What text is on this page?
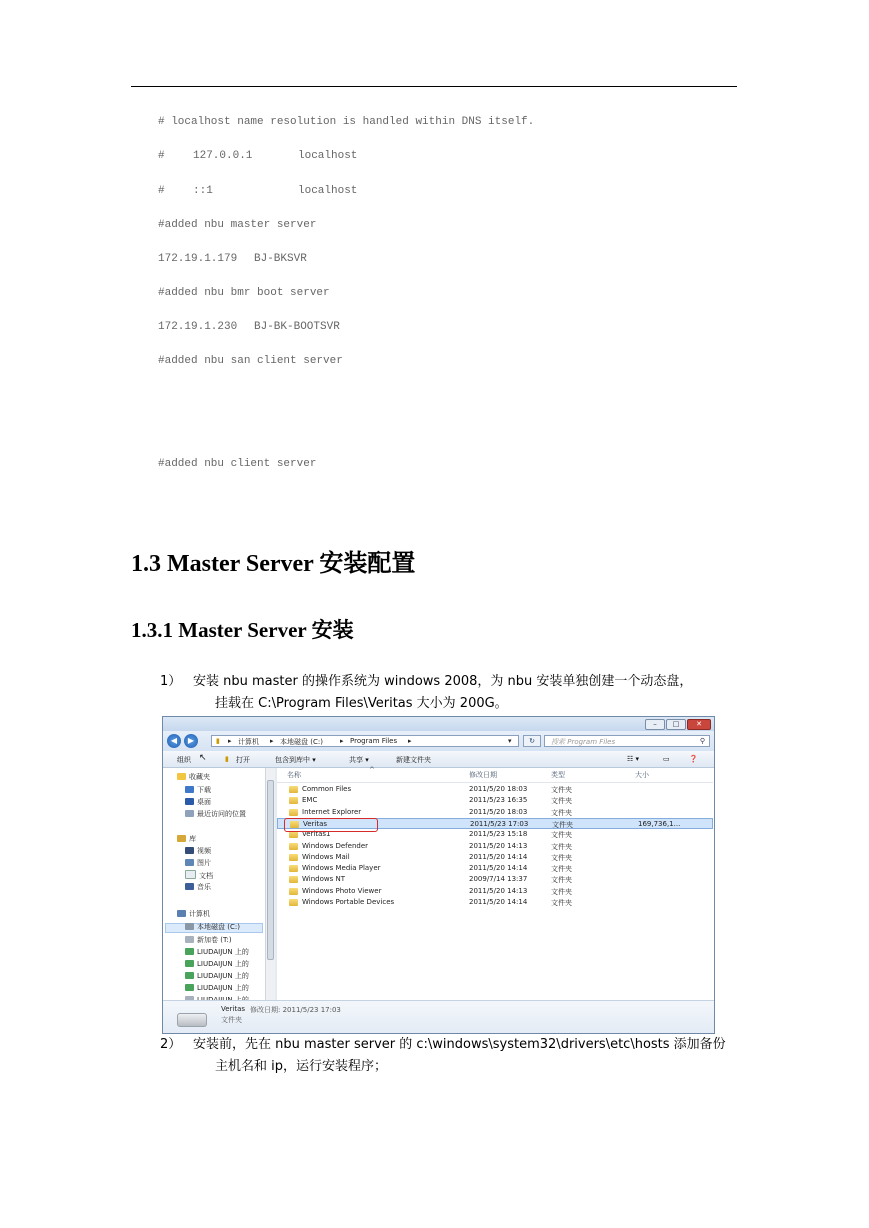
# localhost name resolution is handled within DNS itself.
#	127.0.0.1	localhost
#	::1	localhost
#added nbu master server
172.19.1.179 BJ-BKSVR
#added nbu bmr boot server
172.19.1.230 BJ-BK-BOOTSVR
#added nbu san client server
#added nbu client server
1.3 Master Server 安装配置
1.3.1 Master Server 安装
1） 安装 nbu master 的操作系统为 windows 2008，为 nbu 安装单独创建一个动态盘，
挂载在 C:\Program Files\Veritas 大小为 200G。
–	□	✕
◀	▶	▮ ▸ 计算机 ▸ 本地磁盘 (C:) ▸ Program Files ▸	▾	↻	搜索 Program Files	⚲
组织 ↖	▮ 打开	包含到库中 ▾	共享 ▾	新建文件夹	☷ ▾	▭	❓
收藏夹
下载
桌面
最近访问的位置
库
视频
图片
文档
音乐
计算机
本地磁盘 (C:)
新加卷 (T:)
LIUDAIJUN 上的
LIUDAIJUN 上的
LIUDAIJUN 上的
LIUDAIJUN 上的
名称
^
修改日期	类型	大小
Common Files	2011/5/20 18:03	文件夹
EMC	2011/5/23 16:35	文件夹
Internet Explorer	2011/5/20 18:03	文件夹
Veritas	2011/5/23 17:03	文件夹	169,736,1...
Veritas1	2011/5/23 15:18	文件夹
Windows Defender	2011/5/20 14:13	文件夹
Windows Mail	2011/5/20 14:14	文件夹
Windows Media Player	2011/5/20 14:14	文件夹
Windows NT	2009/7/14 13:37	文件夹
Windows Photo Viewer	2011/5/20 14:13	文件夹
Windows Portable Devices	2011/5/20 14:14	文件夹
Veritas 修改日期: 2011/5/23 17:03
文件夹
2） 安装前，先在 nbu master server 的 c:\windows\system32\drivers\etc\hosts 添加备份
主机名和 ip，运行安装程序；
